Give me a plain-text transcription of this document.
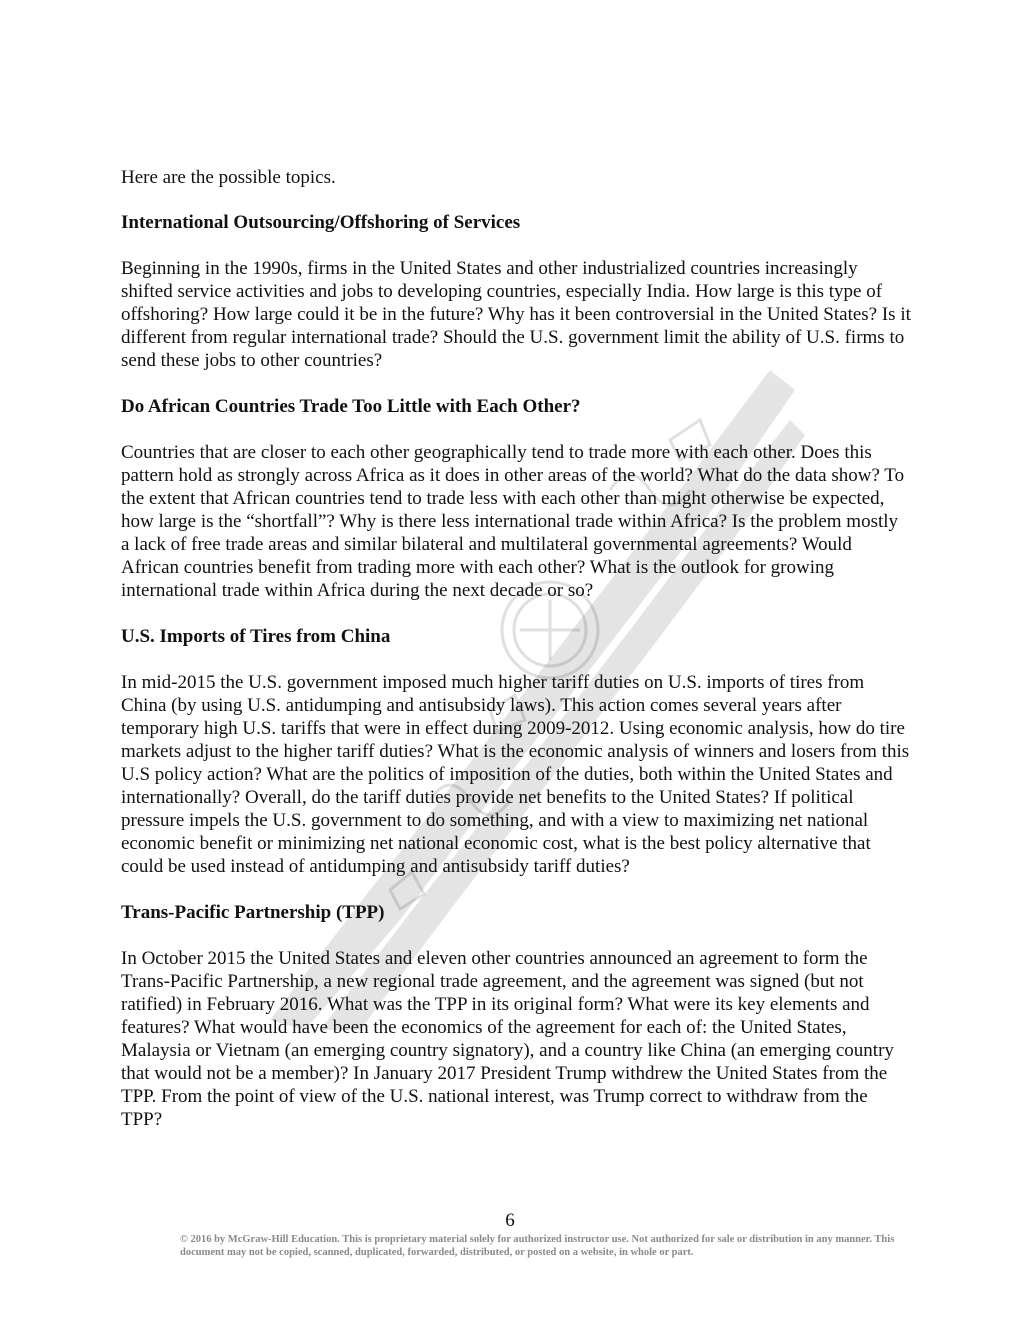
Here are the possible topics.

International Outsourcing/Offshoring of Services

Beginning in the 1990s, firms in the United States and other industrialized countries increasingly shifted service activities and jobs to developing countries, especially India. How large is this type of offshoring? How large could it be in the future? Why has it been controversial in the United States? Is it different from regular international trade? Should the U.S. government limit the ability of U.S. firms to send these jobs to other countries?

Do African Countries Trade Too Little with Each Other?

Countries that are closer to each other geographically tend to trade more with each other. Does this pattern hold as strongly across Africa as it does in other areas of the world? What do the data show? To the extent that African countries tend to trade less with each other than might otherwise be expected, how large is the “shortfall”? Why is there less international trade within Africa? Is the problem mostly a lack of free trade areas and similar bilateral and multilateral governmental agreements? Would African countries benefit from trading more with each other? What is the outlook for growing international trade within Africa during the next decade or so?

U.S. Imports of Tires from China

In mid-2015 the U.S. government imposed much higher tariff duties on U.S. imports of tires from China (by using U.S. antidumping and antisubsidy laws). This action comes several years after temporary high U.S. tariffs that were in effect during 2009-2012. Using economic analysis, how do tire markets adjust to the higher tariff duties? What is the economic analysis of winners and losers from this U.S policy action? What are the politics of imposition of the duties, both within the United States and internationally? Overall, do the tariff duties provide net benefits to the United States? If political pressure impels the U.S. government to do something, and with a view to maximizing net national economic benefit or minimizing net national economic cost, what is the best policy alternative that could be used instead of antidumping and antisubsidy tariff duties?

Trans-Pacific Partnership (TPP)

In October 2015 the United States and eleven other countries announced an agreement to form the Trans-Pacific Partnership, a new regional trade agreement, and the agreement was signed (but not ratified) in February 2016. What was the TPP in its original form? What were its key elements and features? What would have been the economics of the agreement for each of: the United States, Malaysia or Vietnam (an emerging country signatory), and a country like China (an emerging country that would not be a member)? In January 2017 President Trump withdrew the United States from the TPP. From the point of view of the U.S. national interest, was Trump correct to withdraw from the TPP?

6
© 2016 by McGraw-Hill Education. This is proprietary material solely for authorized instructor use. Not authorized for sale or distribution in any manner. This document may not be copied, scanned, duplicated, forwarded, distributed, or posted on a website, in whole or part.
